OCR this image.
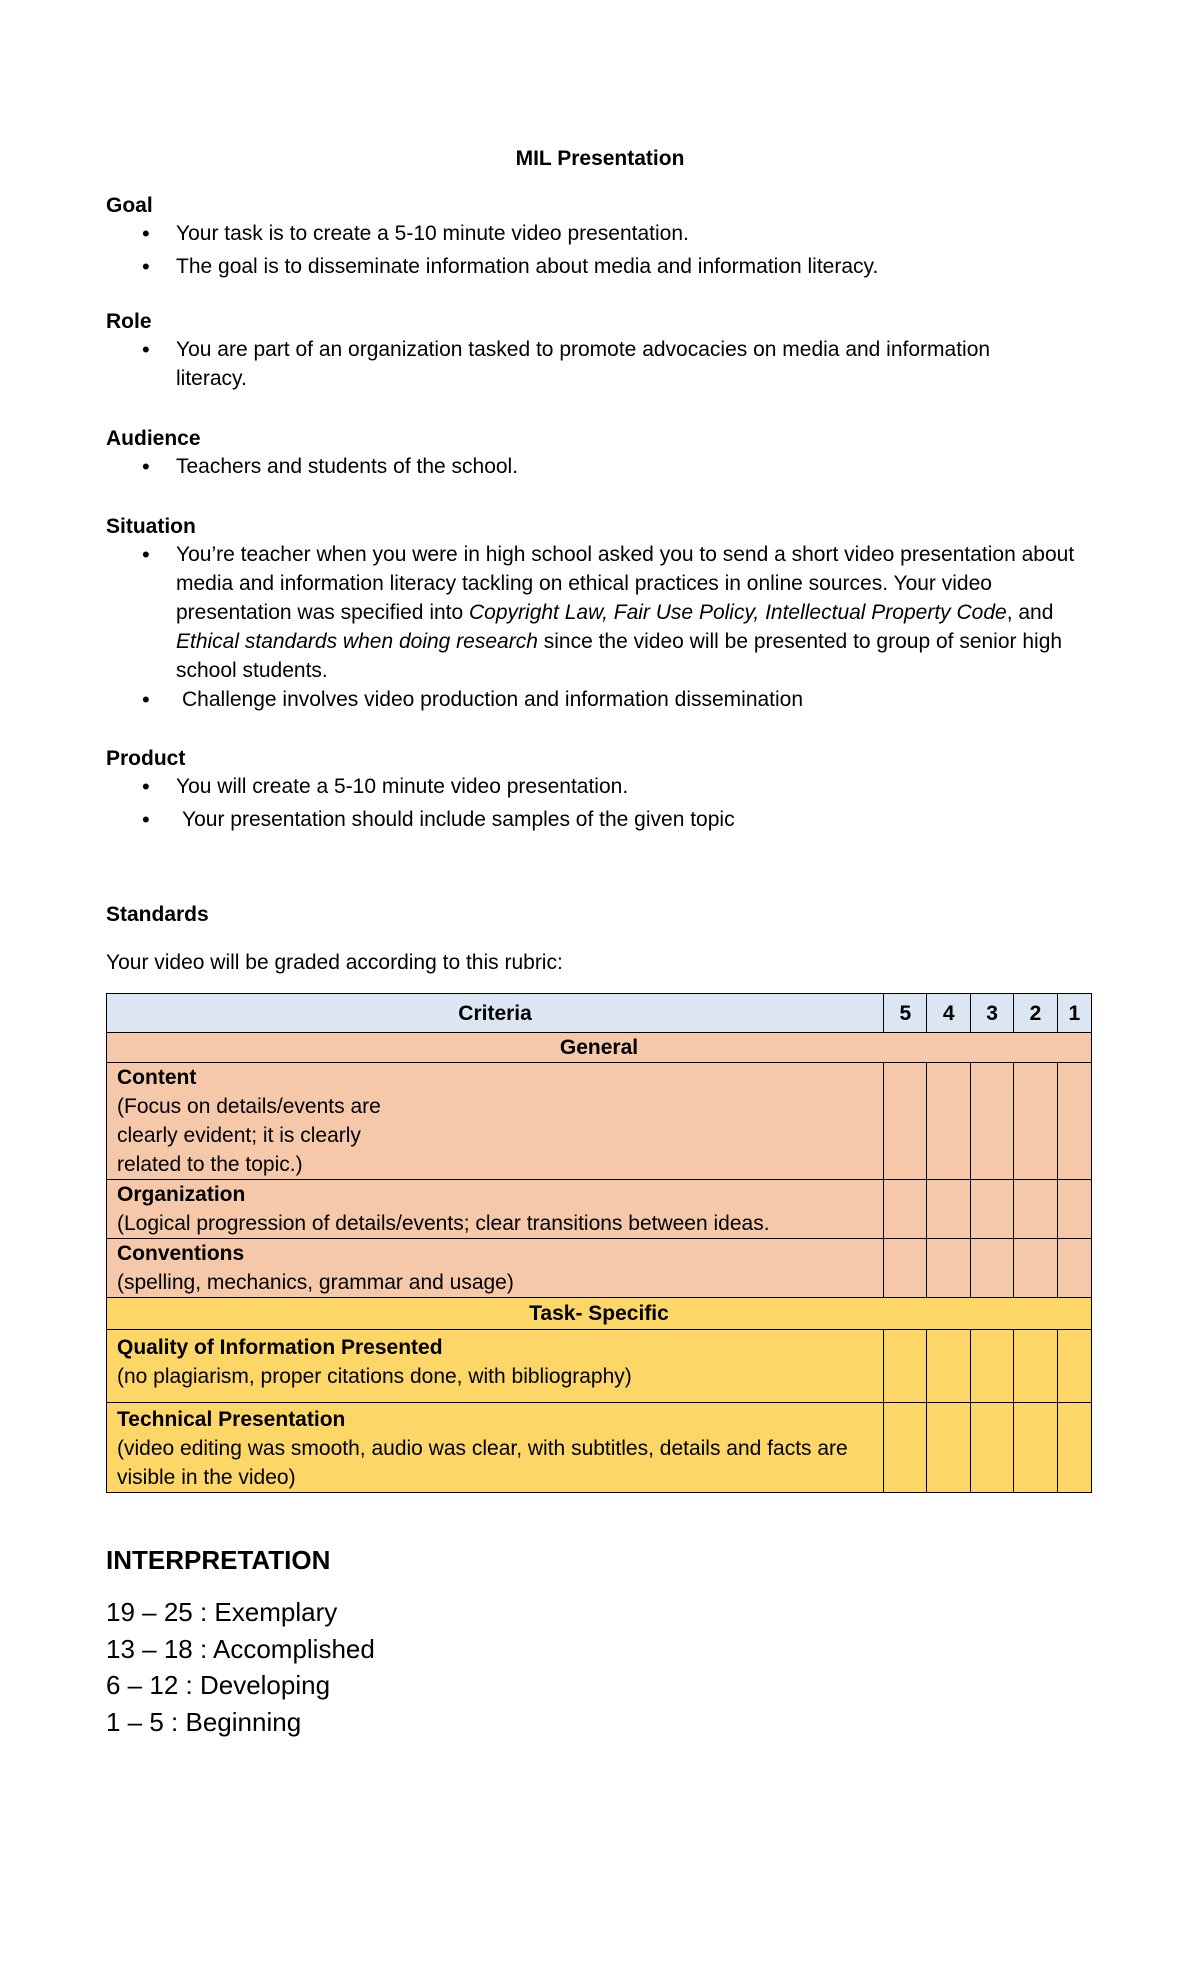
MIL Presentation
Goal
• Your task is to create a 5-10 minute video presentation.
• The goal is to disseminate information about media and information literacy.
Role
• You are part of an organization tasked to promote advocacies on media and information literacy.
Audience
• Teachers and students of the school.
Situation
• You’re teacher when you were in high school asked you to send a short video presentation about media and information literacy tackling on ethical practices in online sources. Your video presentation was specified into Copyright Law, Fair Use Policy, Intellectual Property Code, and Ethical standards when doing research since the video will be presented to group of senior high school students.
• Challenge involves video production and information dissemination
Product
• You will create a 5-10 minute video presentation.
• Your presentation should include samples of the given topic
Standards
Your video will be graded according to this rubric:
Criteria	5	4	3	2	1
General					

Content
(Focus on details/events are clearly evident; it is clearly related to the topic.)					

Organization
(Logical progression of details/events; clear transitions between ideas.					

Conventions
(spelling, mechanics, grammar and usage)					

Task- Specific					

Quality of Information Presented
(no plagiarism, proper citations done, with bibliography)					

Technical Presentation
(video editing was smooth, audio was clear, with subtitles, details and facts are visible in the video)					

INTERPRETATION
19 – 25 : Exemplary
13 – 18 : Accomplished
6 – 12 : Developing
1 – 5 : Beginning
